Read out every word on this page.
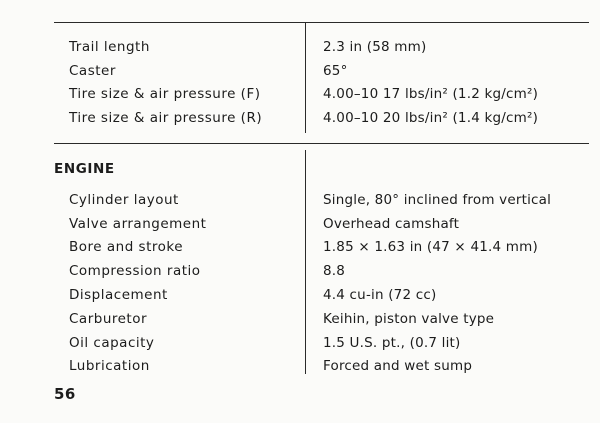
Trail length	2.3 in (58 mm)
Caster	65°
Tire size & air pressure (F)	4.00–10 17 lbs/in² (1.2 kg/cm²)
Tire size & air pressure (R)	4.00–10 20 lbs/in² (1.4 kg/cm²)
ENGINE
Cylinder layout	Single, 80° inclined from vertical
Valve arrangement	Overhead camshaft
Bore and stroke	1.85 × 1.63 in (47 × 41.4 mm)
Compression ratio	8.8
Displacement	4.4 cu-in (72 cc)
Carburetor	Keihin, piston valve type
Oil capacity	1.5 U.S. pt., (0.7 lit)
Lubrication	Forced and wet sump
56
